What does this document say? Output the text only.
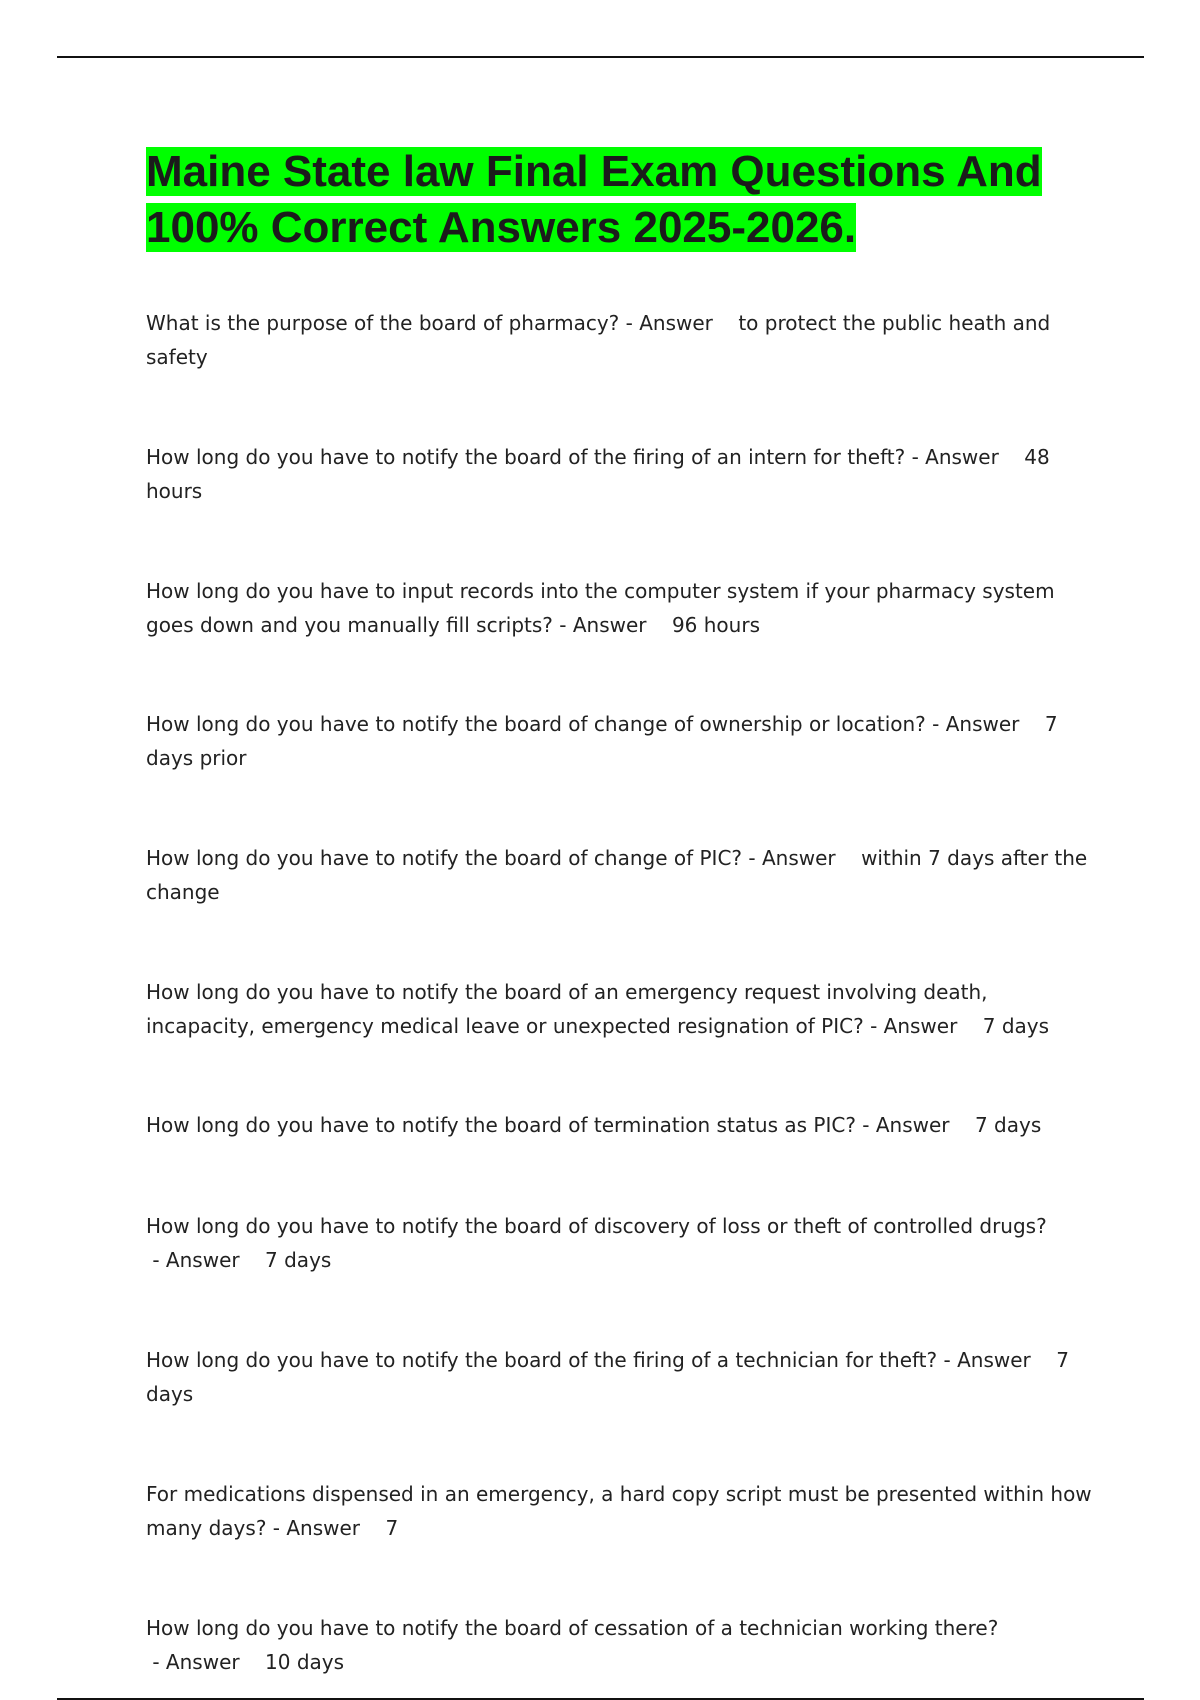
Maine State law Final Exam Questions And 100% Correct Answers 2025-2026.

What is the purpose of the board of pharmacy? - Answer    to protect the public heath and safety

How long do you have to notify the board of the firing of an intern for theft? - Answer    48 hours

How long do you have to input records into the computer system if your pharmacy system goes down and you manually fill scripts? - Answer    96 hours

How long do you have to notify the board of change of ownership or location? - Answer    7 days prior

How long do you have to notify the board of change of PIC? - Answer    within 7 days after the change

How long do you have to notify the board of an emergency request involving death, incapacity, emergency medical leave or unexpected resignation of PIC? - Answer    7 days

How long do you have to notify the board of termination status as PIC? - Answer    7 days

How long do you have to notify the board of discovery of loss or theft of controlled drugs? - Answer    7 days

How long do you have to notify the board of the firing of a technician for theft? - Answer    7 days

For medications dispensed in an emergency, a hard copy script must be presented within how many days? - Answer    7

How long do you have to notify the board of cessation of a technician working there? - Answer    10 days
